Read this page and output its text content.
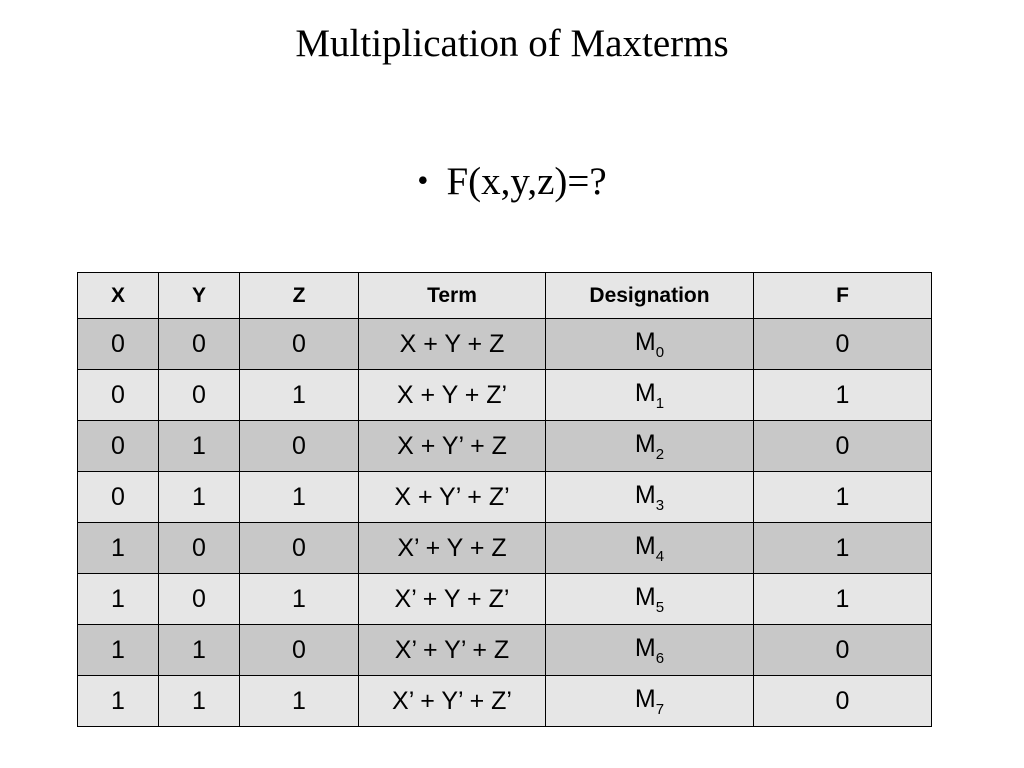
Multiplication of Maxterms
• F(x,y,z)=?
X	Y	Z	Term	Designation	F
0	0	0	X + Y + Z	$M_0$	0
0	0	1	X + Y + Z’	$M_1$	1
0	1	0	X + Y’ + Z	$M_2$	0
0	1	1	X + Y’ + Z’	$M_3$	1
1	0	0	X’ + Y + Z	$M_4$	1
1	0	1	X’ + Y + Z’	$M_5$	1
1	1	0	X’ + Y’ + Z	$M_6$	0
1	1	1	X’ + Y’ + Z’	$M_7$	0
